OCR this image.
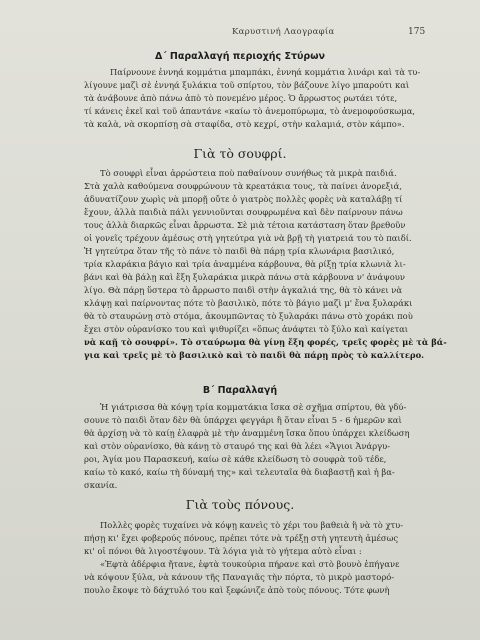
Καρυστινή Λαογραφία	175
Δ΄ Παραλλαγή περιοχής Στύρων
Παίρνουνε ἐννηά κομμάτια μπαμπάκι, ἐννηά κομμάτια λινάρι καὶ τὰ τυ-
λίγουνε μαζὶ σὲ ἐννηά ξυλάκια τοῦ σπίρτου, τὸν βάζουνε λίγο μπαρούτι καὶ
τὰ ἀνάβουνε ἀπὸ πάνω ἀπὸ τὸ πονεμένο μέρος. Ὁ ἄρρωστος ρωτάει τότε,
τί κάνεις ἐκεῖ καὶ τοῦ ἀπαντάνε «καίω τὸ ἀνεμοπύρωμα, τὸ ἀνεμοφούσκωμα,
τὰ καλὰ, νὰ σκορπίσῃ σὰ σταφίδα, στὸ κεχρί, στὴν καλαμιά, στὸν κάμπο».
Γιὰ τὸ σουφρί.
Τὸ σουφρὶ εἶναι ἀρρώστεια ποὺ παθαίνουν συνήθως τὰ μικρὰ παιδιά.
Στὰ χαλὰ καθούμενα σουφρώνουν τὰ κρεατάκια τους, τὰ παίνει ἀνορεξιά,
ἀδυνατίζουν χωρὶς νὰ μπορῇ οὔτε ὁ γιατρὸς πολλὲς φορὲς νὰ καταλάβῃ τί
ἔχουν, ἀλλὰ παιδιὰ πάλι γεννιοῦνται σουφρωμένα καὶ δὲν παίρνουν πάνω
τους ἀλλὰ διαρκῶς εἶναι ἄρρωστα. Σὲ μιὰ τέτοια κατάσταση ὅταν βρεθοῦν
οἱ γονεῖς τρέχουν ἀμέσως στὴ γητεύτρα γιὰ νὰ βρῇ τὴ γιατρειά του τὸ παιδί.
Ἡ γητεύτρα ὅταν τῆς τὸ πάνε τὸ παιδὶ θὰ πάρῃ τρία κλωνάρια βασιλικό,
τρία κλαράκια βάγιο καὶ τρία ἀναμμένα κάρβουνα, θὰ ρίξῃ τρία κλωνιὰ λι-
βάνι καὶ θὰ βάλῃ καὶ ἔξη ξυλαράκια μικρὰ πάνω στὰ κάρβουνα ν' ἀνάψουν
λίγο. Θὰ πάρῃ ὕστερα τὸ ἄρρωστο παιδὶ στὴν ἀγκαλιά της, θὰ τὸ κάνει νὰ
κλάψῃ καὶ παίρνοντας πότε τὸ βασιλικὸ, πότε τὸ βάγιο μαζὶ μ' ἕνα ξυλαράκι
θὰ τὸ σταυρώνῃ στὸ στόμα, ἀκουμπῶντας τὸ ξυλαράκι πάνω στὸ χοράκι ποὺ
ἔχει στὸν οὐρανίσκο του καὶ ψιθυρίζει «ὅπως ἀνάφτει τὸ ξύλο καὶ καίγεται
νὰ καῇ τὸ σουφρί». Τὸ σταύρωμα θὰ γίνῃ ἔξη φορές, τρεῖς φορὲς μὲ τὰ βά-
για καὶ τρεῖς μὲ τὸ βασιλικὸ καὶ τὸ παιδὶ θὰ πάρῃ πρὸς τὸ καλλίτερο.
Β΄ Παραλλαγή
Ἡ γιάτρισσα θὰ κόψῃ τρία κομματάκια ἴσκα σὲ σχῆμα σπίρτου, θὰ γδύ-
σουνε τὸ παιδὶ ὅταν δὲν θὰ ὑπάρχει φεγγάρι ἢ ὅταν εἶναι 5 - 6 ἡμερῶν καὶ
θὰ ἀρχίσῃ νὰ τὸ καίῃ ἐλαφρὰ μὲ τὴν ἀναμμένη ἴσκα ὅπου ὑπάρχει κλείδωση
καὶ στὸν οὐρανίσκο, θὰ κάνῃ τὸ σταυρό της καὶ θὰ λέει «Ἅγιοι Ἀνάργυ-
ροι, Ἁγία μου Παρασκευή, καίω σὲ κάθε κλείδωση τὸ σουφρὰ τοῦ τέδε,
καίω τὸ κακό, καίω τὴ δύναμή της» καὶ τελευταῖα θὰ διαβαστῇ καὶ ἡ βα-
σκανία.
Γιὰ τοὺς πόνους.
Πολλὲς φορὲς τυχαίνει νὰ κόψῃ κανεὶς τὸ χέρι του βαθειὰ ἢ νὰ τὸ χτυ-
πήσῃ κι' ἔχει φοβερούς πόνους, πρέπει τότε νὰ τρέξῃ στὴ γητευτὴ ἀμέσως
κι' οἱ πόνοι θὰ λιγοστέψουν. Τὰ λόγια γιὰ τὸ γήτεμα αὐτὸ εἶναι :
«Ἑφτὰ ἀδέρφια ἤτανε, ἑφτὰ τουκούρια πήρανε καὶ στὸ βουνὸ ἐπήγανε
νὰ κόψουν ξύλα, νὰ κάνουν τῆς Παναγιᾶς τὴν πόρτα, τὸ μικρὸ μαστορό-
πουλο ἔκοψε τὸ δάχτυλό του καὶ ξεφώνιζε ἀπὸ τοὺς πόνους. Τότε φωνὴ
